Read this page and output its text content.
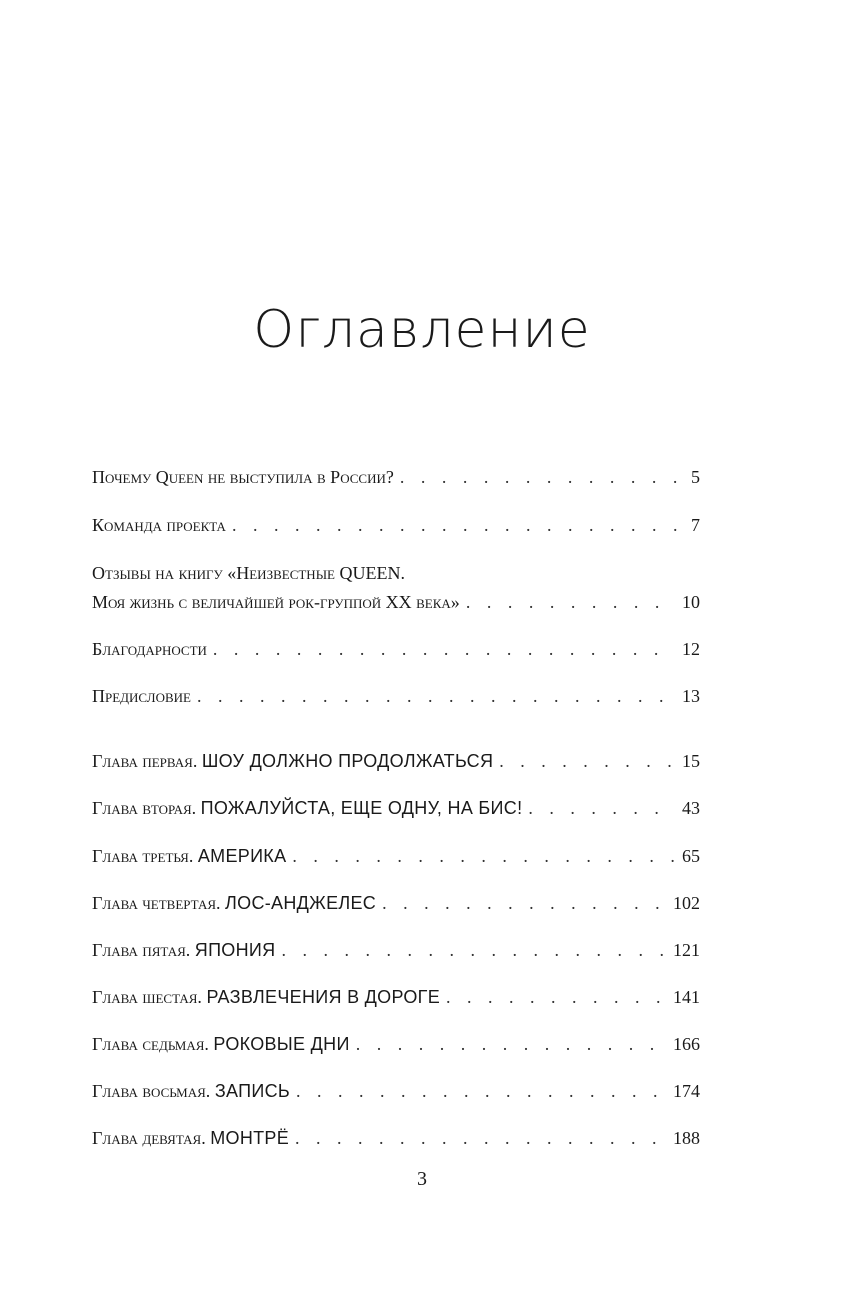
Оглавление
Почему Queen не выступила в России? . . .	5
Команда проекта . . .	7
Отзывы на книгу «Неизвестные QUEEN.
Моя жизнь с величайшей рок-группой XX века» . . .	10
Благодарности . . .	12
Предисловие . . .	13
Глава первая. ШОУ ДОЛЖНО ПРОДОЛЖАТЬСЯ . . .	15
Глава вторая. ПОЖАЛУЙСТА, ЕЩЕ ОДНУ, НА БИС! . . .	43
Глава третья. АМЕРИКА . . .	65
Глава четвертая. ЛОС-АНДЖЕЛЕС . . .	102
Глава пятая. ЯПОНИЯ . . .	121
Глава шестая. РАЗВЛЕЧЕНИЯ В ДОРОГЕ . . .	141
Глава седьмая. РОКОВЫЕ ДНИ . . .	166
Глава восьмая. ЗАПИСЬ . . .	174
Глава девятая. МОНТРЁ . . .	188
3
